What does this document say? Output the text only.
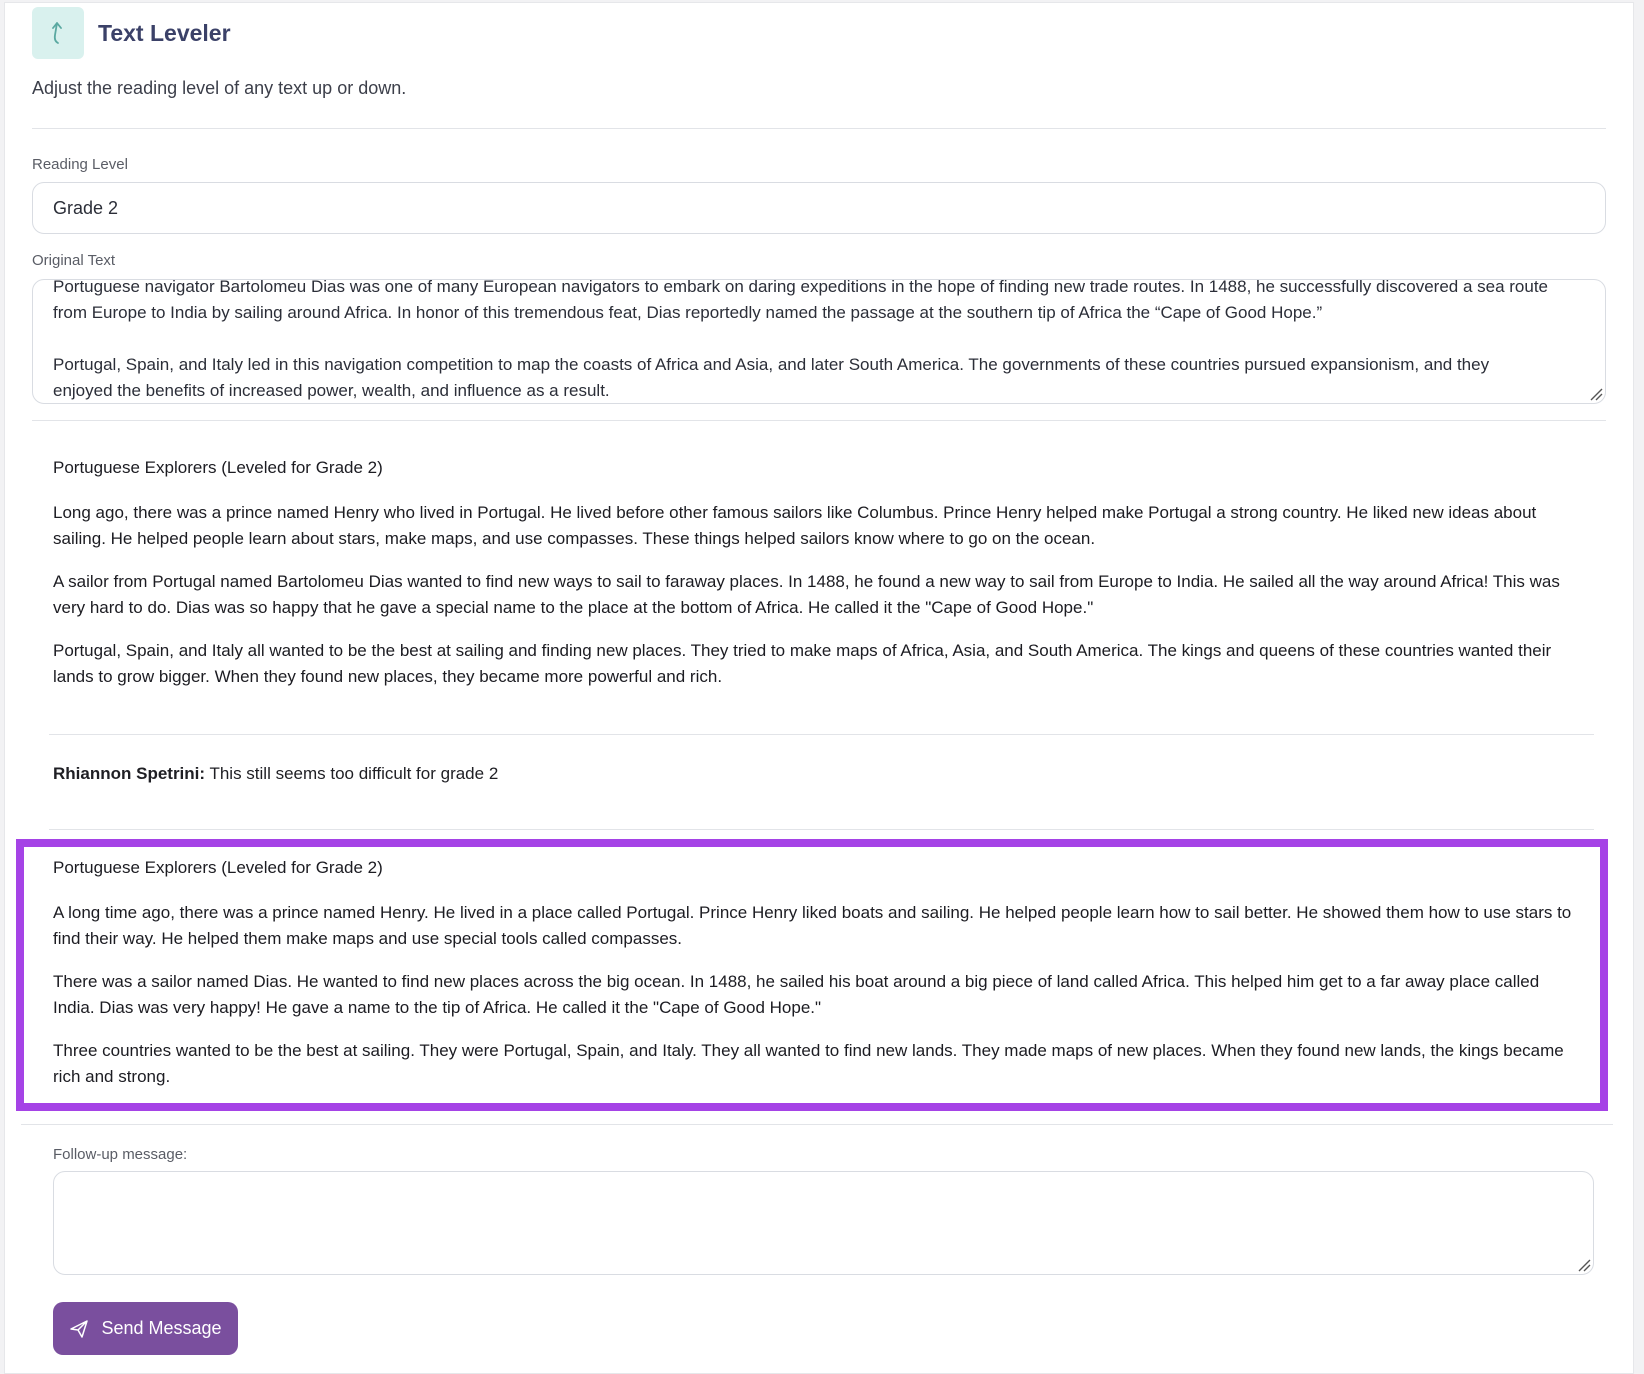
Text Leveler
Adjust the reading level of any text up or down.
Reading Level
Grade 2
Original Text

Portuguese navigator Bartolomeu Dias was one of many European navigators to embark on daring expeditions in the hope of finding new trade routes. In 1488, he successfully discovered a sea route from Europe to India by sailing around Africa. In honor of this tremendous feat, Dias reportedly named the passage at the southern tip of Africa the “Cape of Good Hope.”

Portugal, Spain, and Italy led in this navigation competition to map the coasts of Africa and Asia, and later South America. The governments of these countries pursued expansionism, and they enjoyed the benefits of increased power, wealth, and influence as a result.

Portuguese Explorers (Leveled for Grade 2)

Long ago, there was a prince named Henry who lived in Portugal. He lived before other famous sailors like Columbus. Prince Henry helped make Portugal a strong country. He liked new ideas about sailing. He helped people learn about stars, make maps, and use compasses. These things helped sailors know where to go on the ocean.

A sailor from Portugal named Bartolomeu Dias wanted to find new ways to sail to faraway places. In 1488, he found a new way to sail from Europe to India. He sailed all the way around Africa! This was very hard to do. Dias was so happy that he gave a special name to the place at the bottom of Africa. He called it the "Cape of Good Hope."

Portugal, Spain, and Italy all wanted to be the best at sailing and finding new places. They tried to make maps of Africa, Asia, and South America. The kings and queens of these countries wanted their lands to grow bigger. When they found new places, they became more powerful and rich.

Rhiannon Spetrini: This still seems too difficult for grade 2

Portuguese Explorers (Leveled for Grade 2)

A long time ago, there was a prince named Henry. He lived in a place called Portugal. Prince Henry liked boats and sailing. He helped people learn how to sail better. He showed them how to use stars to find their way. He helped them make maps and use special tools called compasses.

There was a sailor named Dias. He wanted to find new places across the big ocean. In 1488, he sailed his boat around a big piece of land called Africa. This helped him get to a far away place called India. Dias was very happy! He gave a name to the tip of Africa. He called it the "Cape of Good Hope."

Three countries wanted to be the best at sailing. They were Portugal, Spain, and Italy. They all wanted to find new lands. They made maps of new places. When they found new lands, the kings became rich and strong.

Follow-up message:
Send Message
